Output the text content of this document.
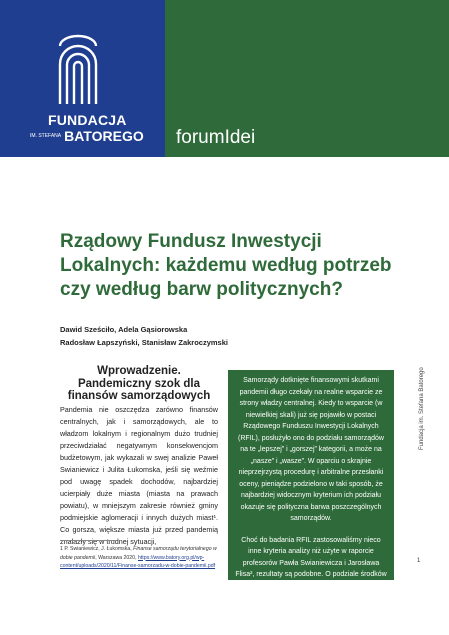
FUNDACJA
IM. STEFANA BATOREGO forumIdei
Rządowy Fundusz Inwestycji Lokalnych: każdemu według potrzeb czy według barw politycznych?
Dawid Sześciło, Adela Gąsiorowska
Radosław Łapszyński, Stanisław Zakroczymski
Wprowadzenie. Pandemiczny szok dla finansów samorządowych

Pandemia nie oszczędza zarówno finansów centralnych, jak i samorządowych, ale to władzom lokalnym i regionalnym dużo trudniej przeciwdziałać negatywnym konsekwencjom budżetowym, jak wykazali w swej analizie Paweł Swianiewicz i Julita Łukomska, jeśli się weźmie pod uwagę spadek dochodów, najbardziej ucierpiały duże miasta (miasta na prawach powiatu), w mniejszym zakresie również gminy podmiejskie aglomeracji i innych dużych miast¹. Co gorsza, większe miasta już przed pandemią znalazły się w trudnej sytuacji,

1 P. Swianiewicz, J. Łukomska, Finanse samorządu terytorialnego w dobie pandemii, Warszawa 2020, https://www.batory.org.pl/wp-content/uploads/2020/11/Finanse-samorzadu-w-dobie-pandemii.pdf

Samorządy dotknięte finansowymi skutkami pandemii długo czekały na realne wsparcie ze strony władzy centralnej. Kiedy to wsparcie (w niewielkiej skali) już się pojawiło w postaci Rządowego Funduszu Inwestycji Lokalnych (RFIL), posłużyło ono do podziału samorządów na te „lepszej” i „gorszej” kategorii, a może na „nasze” i „wasze”. W oparciu o skrajnie nieprzejrzystą procedurę i arbitralne przesłanki oceny, pieniądze podzielono w taki sposób, że najbardziej widocznym kryterium ich podziału okazuje się polityczna barwa poszczególnych samorządów.

Choć do badania RFIL zastosowaliśmy nieco inne kryteria analizy niż użyte w raporcie profesorów Pawła Swianiewicza i Jarosława Flisa², rezultaty są podobne. O podziale środków w większym

Fundacja im. Stefana Batorego
1
